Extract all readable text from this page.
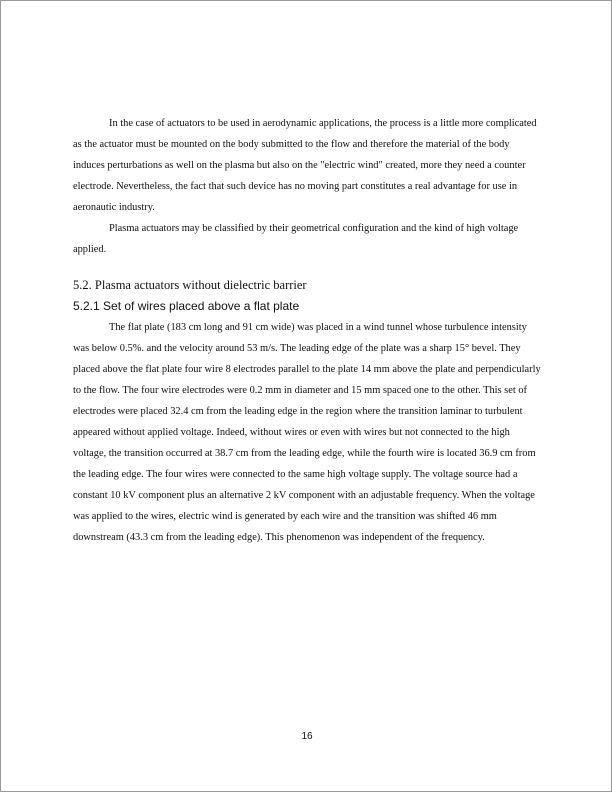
In the case of actuators to be used in aerodynamic applications, the process is a little more complicated as the actuator must be mounted on the body submitted to the flow and therefore the material of the body induces perturbations as well on the plasma but also on the "electric wind" created, more they need a counter electrode. Nevertheless, the fact that such device has no moving part constitutes a real advantage for use in aeronautic industry.

Plasma actuators may be classified by their geometrical configuration and the kind of high voltage applied.

5.2. Plasma actuators without dielectric barrier
5.2.1 Set of wires placed above a flat plate

The flat plate (183 cm long and 91 cm wide) was placed in a wind tunnel whose turbulence intensity was below 0.5%. and the velocity around 53 m/s. The leading edge of the plate was a sharp 15° bevel. They placed above the flat plate four wire 8 electrodes parallel to the plate 14 mm above the plate and perpendicularly to the flow. The four wire electrodes were 0.2 mm in diameter and 15 mm spaced one to the other. This set of electrodes were placed 32.4 cm from the leading edge in the region where the transition laminar to turbulent appeared without applied voltage. Indeed, without wires or even with wires but not connected to the high voltage, the transition occurred at 38.7 cm from the leading edge, while the fourth wire is located 36.9 cm from the leading edge. The four wires were connected to the same high voltage supply. The voltage source had a constant 10 kV component plus an alternative 2 kV component with an adjustable frequency. When the voltage was applied to the wires, electric wind is generated by each wire and the transition was shifted 46 mm downstream (43.3 cm from the leading edge). This phenomenon was independent of the frequency.

16
